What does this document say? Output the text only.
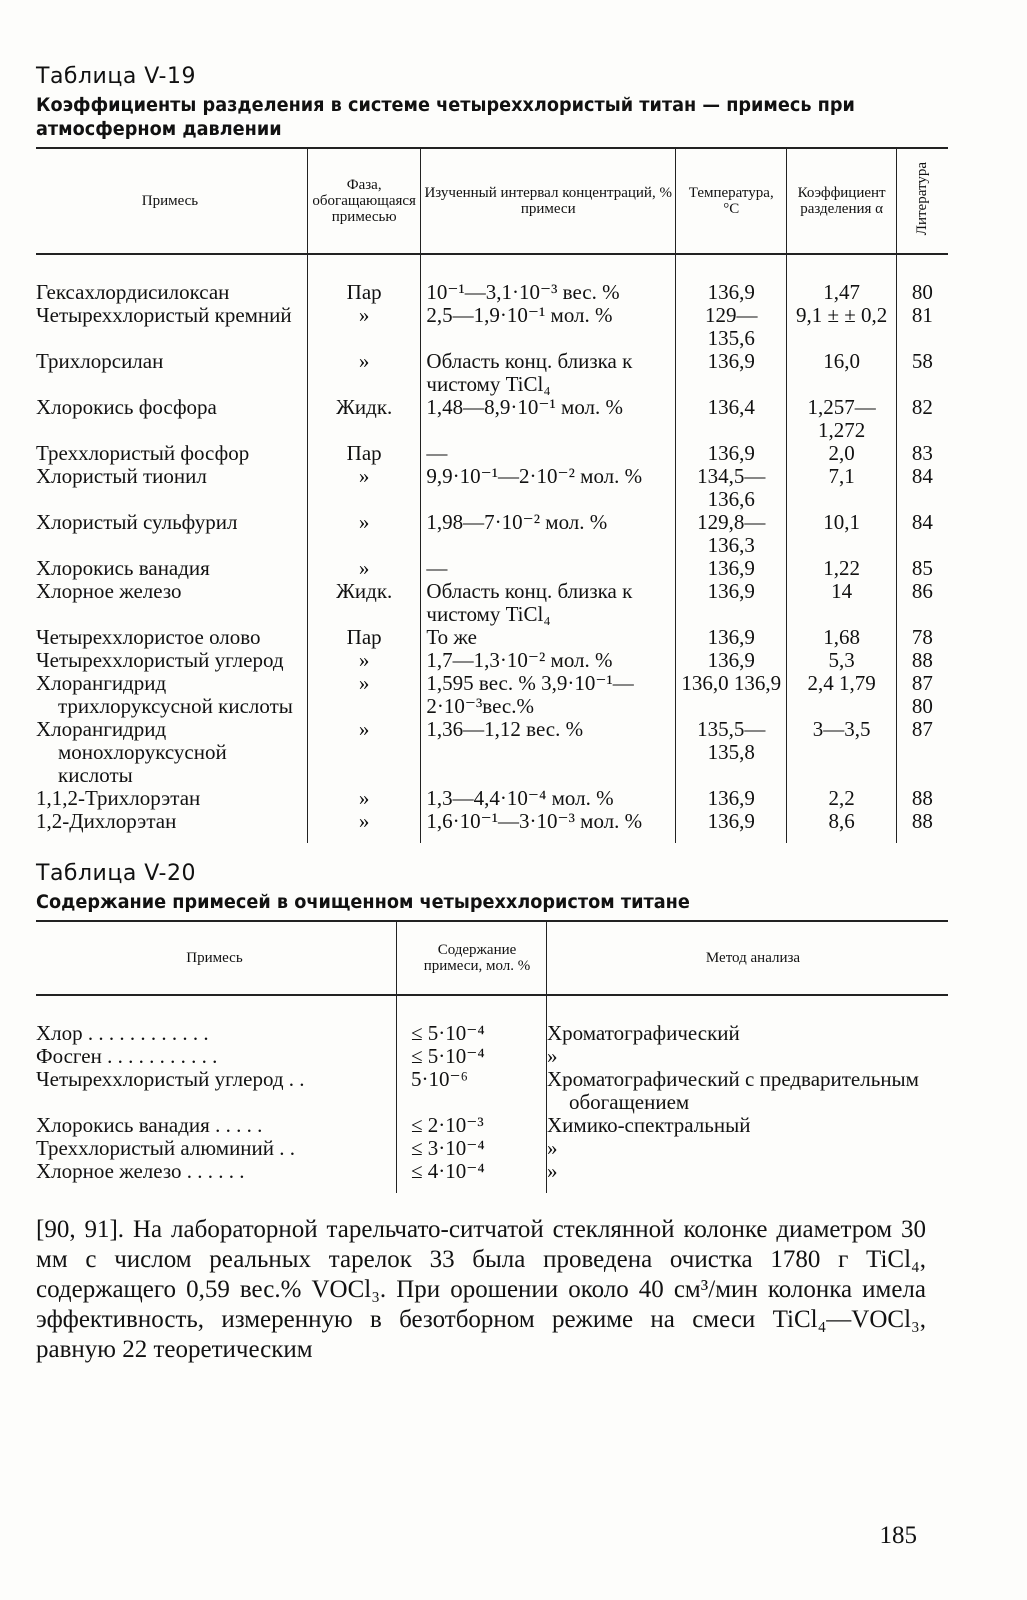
Таблица V-19
Коэффициенты разделения в системе четыреххлористый титан — примесь при атмосферном давлении
Примесь	Фаза, обогащающаяся примесью	Изученный интервал концентраций, % примеси	Температура, °C	Коэффициент разделения α	Литература
Гексахлордисилоксан	Пар	10⁻¹—3,1·10⁻³ вес. %	136,9	1,47	80
Четыреххлористый кремний	»	2,5—1,9·10⁻¹ мол. %	129— 135,6	9,1 ± ± 0,2	81
Трихлорсилан	»	Область конц. близка к чистому TiCl₄	136,9	16,0	58
Хлорокись фосфора	Жидк.	1,48—8,9·10⁻¹ мол. %	136,4	1,257— 1,272	82
Треххлористый фосфор	Пар	—	136,9	2,0	83
Хлористый тионил	»	9,9·10⁻¹—2·10⁻² мол. %	134,5— 136,6	7,1	84
Хлористый сульфурил	»	1,98—7·10⁻² мол. %	129,8— 136,3	10,1	84
Хлорокись ванадия	»	—	136,9	1,22	85
Хлорное железо	Жидк.	Область конц. близка к чистому TiCl₄	136,9	14	86
Четыреххлористое олово	Пар	То же	136,9	1,68	78
Четыреххлористый углерод	»	1,7—1,3·10⁻² мол. %	136,9	5,3	88
Хлорангидрид трихлоруксусной кислоты	»	1,595 вес. % 3,9·10⁻¹—2·10⁻³вес.%	136,0 136,9	2,4 1,79	87 80
Хлорангидрид монохлоруксусной кислоты	»	1,36—1,12 вес. %	135,5— 135,8	3—3,5	87
1,1,2-Трихлорэтан	»	1,3—4,4·10⁻⁴ мол. %	136,9	2,2	88
1,2-Дихлорэтан	»	1,6·10⁻¹—3·10⁻³ мол. %	136,9	8,6	88
Таблица V-20
Содержание примесей в очищенном четыреххлористом титане
Примесь	Содержание примеси, мол. %	Метод анализа
Хлор . . . . . . . . . . . .	≤ 5·10⁻⁴	Хроматографический
Фосген . . . . . . . . . . .	≤ 5·10⁻⁴	»
Четыреххлористый углерод . .	5·10⁻⁶	Хроматографический с предварительным обогащением
Хлорокись ванадия . . . . .	≤ 2·10⁻³	Химико-спектральный
Треххлористый алюминий . .	≤ 3·10⁻⁴	»
Хлорное железо . . . . . .	≤ 4·10⁻⁴	»
[90, 91]. На лабораторной тарельчато-ситчатой стеклянной колонке диаметром 30 мм с числом реальных тарелок 33 была проведена очистка 1780 г TiCl₄, содержащего 0,59 вес.% VOCl₃. При орошении около 40 см³/мин колонка имела эффективность, измеренную в безотборном режиме на смеси TiCl₄—VOCl₃, равную 22 теоретическим
185
